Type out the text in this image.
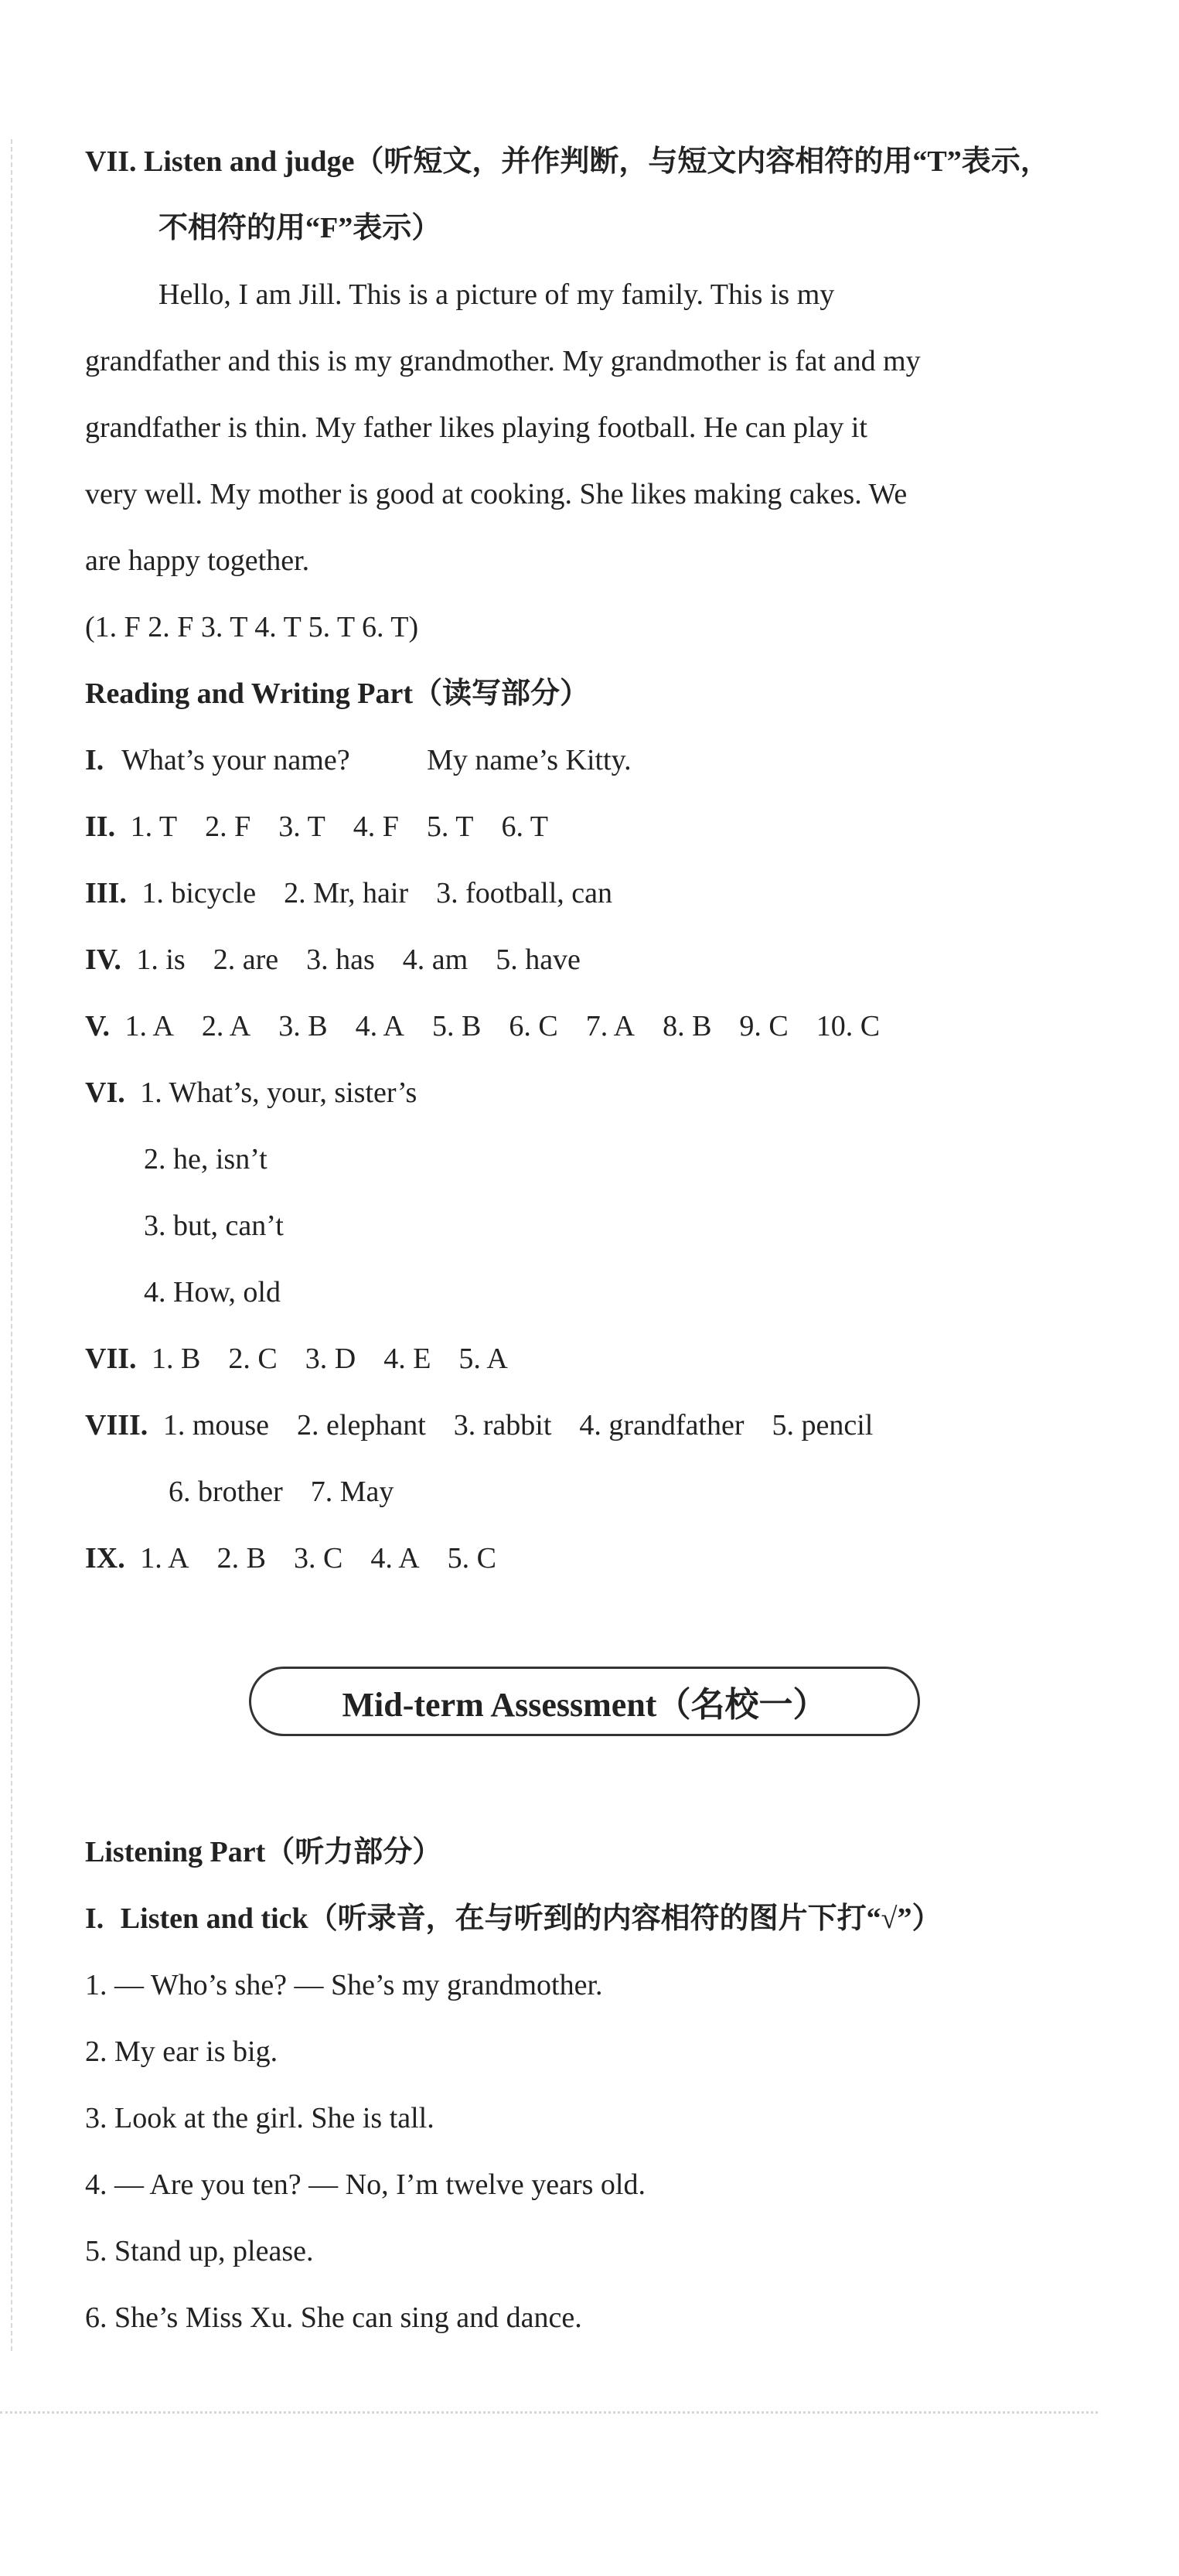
VII. Listen and judge（听短文，并作判断，与短文内容相符的用“T”表示，
不相符的用“F”表示）
Hello, I am Jill. This is a picture of my family. This is my
grandfather and this is my grandmother. My grandmother is fat and my
grandfather is thin. My father likes playing football. He can play it
very well. My mother is good at cooking. She likes making cakes. We
are happy together.
(1. F 2. F 3. T 4. T 5. T 6. T)
Reading and Writing Part（读写部分）
I. What’s your name?	My name’s Kitty.
II. 1. T 2. F 3. T 4. F 5. T 6. T
III. 1. bicycle 2. Mr, hair 3. football, can
IV. 1. is 2. are 3. has 4. am 5. have
V. 1. A 2. A 3. B 4. A 5. B 6. C 7. A 8. B 9. C 10. C
VI. 1. What’s, your, sister’s
2. he, isn’t
3. but, can’t
4. How, old
VII. 1. B 2. C 3. D 4. E 5. A
VIII. 1. mouse 2. elephant 3. rabbit 4. grandfather 5. pencil
6. brother 7. May
IX. 1. A 2. B 3. C 4. A 5. C
Mid-term Assessment（名校一）
Listening Part（听力部分）
I. Listen and tick（听录音，在与听到的内容相符的图片下打“√”）
1. — Who’s she? — She’s my grandmother.
2. My ear is big.
3. Look at the girl. She is tall.
4. — Are you ten? — No, I’m twelve years old.
5. Stand up, please.
6. She’s Miss Xu. She can sing and dance.
